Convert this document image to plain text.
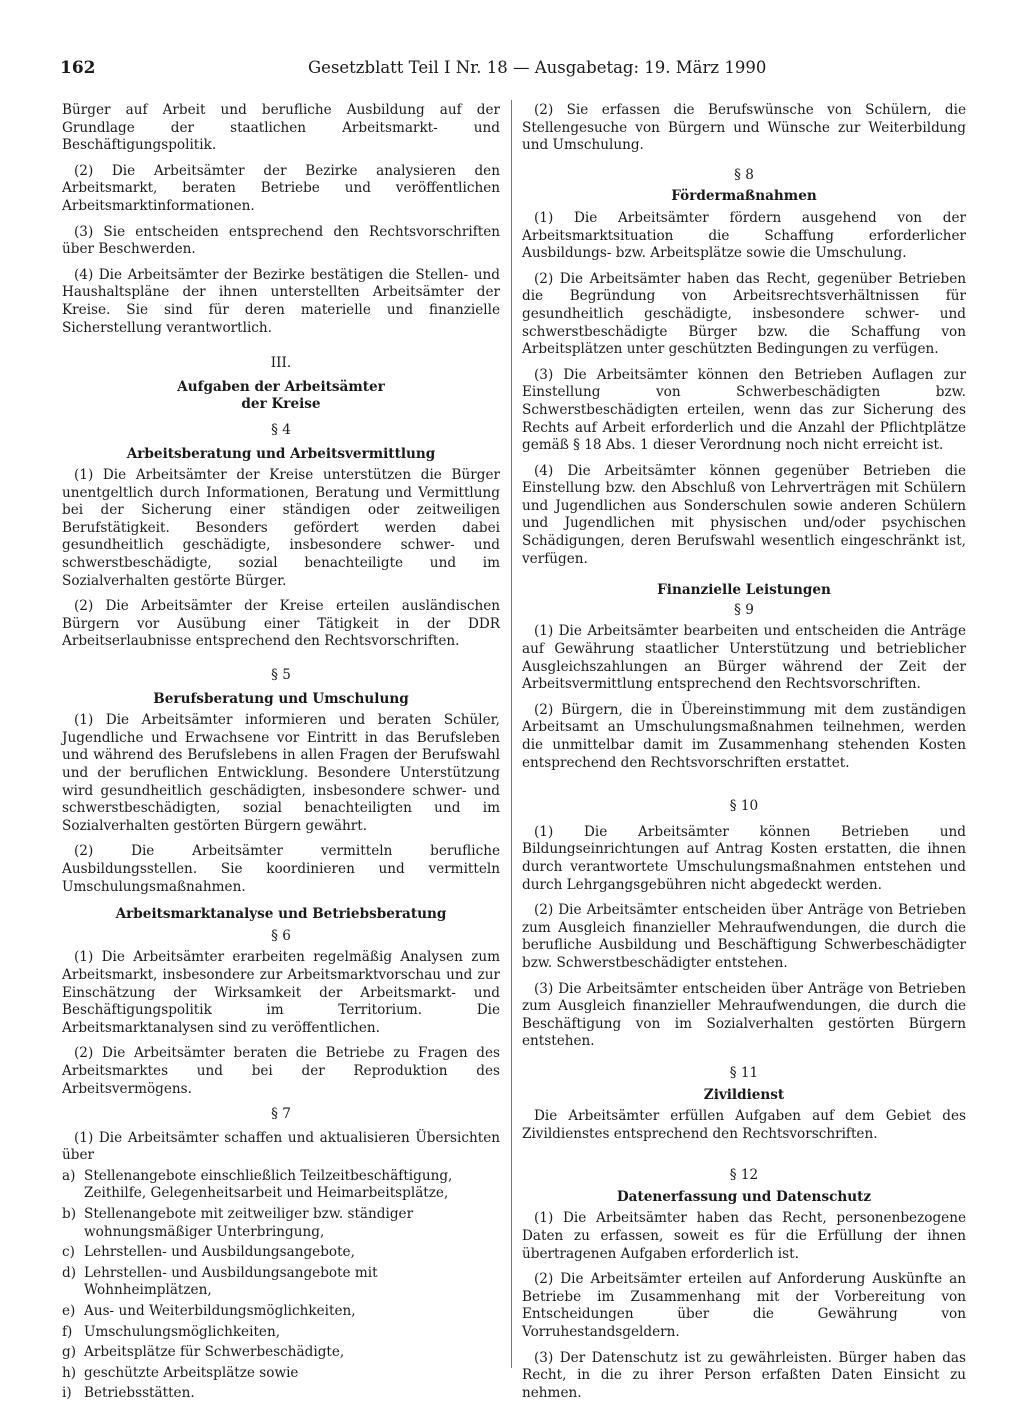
162	Gesetzblatt Teil I Nr. 18 — Ausgabetag: 19. März 1990

Bürger auf Arbeit und berufliche Ausbildung auf der Grundlage der staatlichen Arbeitsmarkt- und Beschäftigungspolitik.

(2) Die Arbeitsämter der Bezirke analysieren den Arbeitsmarkt, beraten Betriebe und veröffentlichen Arbeitsmarktinformationen.

(3) Sie entscheiden entsprechend den Rechtsvorschriften über Beschwerden.

(4) Die Arbeitsämter der Bezirke bestätigen die Stellen- und Haushaltspläne der ihnen unterstellten Arbeitsämter der Kreise. Sie sind für deren materielle und finanzielle Sicherstellung verantwortlich.

III.

Aufgaben der Arbeitsämter

der Kreise

§ 4

Arbeitsberatung und Arbeitsvermittlung

(1) Die Arbeitsämter der Kreise unterstützen die Bürger unentgeltlich durch Informationen, Beratung und Vermittlung bei der Sicherung einer ständigen oder zeitweiligen Berufstätigkeit. Besonders gefördert werden dabei gesundheitlich geschädigte, insbesondere schwer- und schwerstbeschädigte, sozial benachteiligte und im Sozialverhalten gestörte Bürger.

(2) Die Arbeitsämter der Kreise erteilen ausländischen Bürgern vor Ausübung einer Tätigkeit in der DDR Arbeitserlaubnisse entsprechend den Rechtsvorschriften.

§ 5

Berufsberatung und Umschulung

(1) Die Arbeitsämter informieren und beraten Schüler, Jugendliche und Erwachsene vor Eintritt in das Berufsleben und während des Berufslebens in allen Fragen der Berufswahl und der beruflichen Entwicklung. Besondere Unterstützung wird gesundheitlich geschädigten, insbesondere schwer- und schwerstbeschädigten, sozial benachteiligten und im Sozialverhalten gestörten Bürgern gewährt.

(2) Die Arbeitsämter vermitteln berufliche Ausbildungsstellen. Sie koordinieren und vermitteln Umschulungsmaßnahmen.

Arbeitsmarktanalyse und Betriebsberatung

§ 6

(1) Die Arbeitsämter erarbeiten regelmäßig Analysen zum Arbeitsmarkt, insbesondere zur Arbeitsmarktvorschau und zur Einschätzung der Wirksamkeit der Arbeitsmarkt- und Beschäftigungspolitik im Territorium. Die Arbeitsmarktanalysen sind zu veröffentlichen.

(2) Die Arbeitsämter beraten die Betriebe zu Fragen des Arbeitsmarktes und bei der Reproduktion des Arbeitsvermögens.

§ 7

(1) Die Arbeitsämter schaffen und aktualisieren Übersichten über

a) Stellenangebote einschließlich Teilzeitbeschäftigung, Zeithilfe, Gelegenheitsarbeit und Heimarbeitsplätze,
b) Stellenangebote mit zeitweiliger bzw. ständiger wohnungsmäßiger Unterbringung,
c) Lehrstellen- und Ausbildungsangebote,
d) Lehrstellen- und Ausbildungsangebote mit Wohnheimplätzen,
e) Aus- und Weiterbildungsmöglichkeiten,
f) Umschulungsmöglichkeiten,
g) Arbeitsplätze für Schwerbeschädigte,
h) geschützte Arbeitsplätze sowie
i) Betriebsstätten.

(2) Sie erfassen die Berufswünsche von Schülern, die Stellengesuche von Bürgern und Wünsche zur Weiterbildung und Umschulung.

§ 8

Fördermaßnahmen

(1) Die Arbeitsämter fördern ausgehend von der Arbeitsmarktsituation die Schaffung erforderlicher Ausbildungs- bzw. Arbeitsplätze sowie die Umschulung.

(2) Die Arbeitsämter haben das Recht, gegenüber Betrieben die Begründung von Arbeitsrechtsverhältnissen für gesundheitlich geschädigte, insbesondere schwer- und schwerstbeschädigte Bürger bzw. die Schaffung von Arbeitsplätzen unter geschützten Bedingungen zu verfügen.

(3) Die Arbeitsämter können den Betrieben Auflagen zur Einstellung von Schwerbeschädigten bzw. Schwerstbeschädigten erteilen, wenn das zur Sicherung des Rechts auf Arbeit erforderlich und die Anzahl der Pflichtplätze gemäß § 18 Abs. 1 dieser Verordnung noch nicht erreicht ist.

(4) Die Arbeitsämter können gegenüber Betrieben die Einstellung bzw. den Abschluß von Lehrverträgen mit Schülern und Jugendlichen aus Sonderschulen sowie anderen Schülern und Jugendlichen mit physischen und/oder psychischen Schädigungen, deren Berufswahl wesentlich eingeschränkt ist, verfügen.

Finanzielle Leistungen

§ 9

(1) Die Arbeitsämter bearbeiten und entscheiden die Anträge auf Gewährung staatlicher Unterstützung und betrieblicher Ausgleichszahlungen an Bürger während der Zeit der Arbeitsvermittlung entsprechend den Rechtsvorschriften.

(2) Bürgern, die in Übereinstimmung mit dem zuständigen Arbeitsamt an Umschulungsmaßnahmen teilnehmen, werden die unmittelbar damit im Zusammenhang stehenden Kosten entsprechend den Rechtsvorschriften erstattet.

§ 10

(1) Die Arbeitsämter können Betrieben und Bildungseinrichtungen auf Antrag Kosten erstatten, die ihnen durch verantwortete Umschulungsmaßnahmen entstehen und durch Lehrgangsgebühren nicht abgedeckt werden.

(2) Die Arbeitsämter entscheiden über Anträge von Betrieben zum Ausgleich finanzieller Mehraufwendungen, die durch die berufliche Ausbildung und Beschäftigung Schwerbeschädigter bzw. Schwerstbeschädigter entstehen.

(3) Die Arbeitsämter entscheiden über Anträge von Betrieben zum Ausgleich finanzieller Mehraufwendungen, die durch die Beschäftigung von im Sozialverhalten gestörten Bürgern entstehen.

§ 11

Zivildienst

Die Arbeitsämter erfüllen Aufgaben auf dem Gebiet des Zivildienstes entsprechend den Rechtsvorschriften.

§ 12

Datenerfassung und Datenschutz

(1) Die Arbeitsämter haben das Recht, personenbezogene Daten zu erfassen, soweit es für die Erfüllung der ihnen übertragenen Aufgaben erforderlich ist.

(2) Die Arbeitsämter erteilen auf Anforderung Auskünfte an Betriebe im Zusammenhang mit der Vorbereitung von Entscheidungen über die Gewährung von Vorruhestandsgeldern.

(3) Der Datenschutz ist zu gewährleisten. Bürger haben das Recht, in die zu ihrer Person erfaßten Daten Einsicht zu nehmen.
